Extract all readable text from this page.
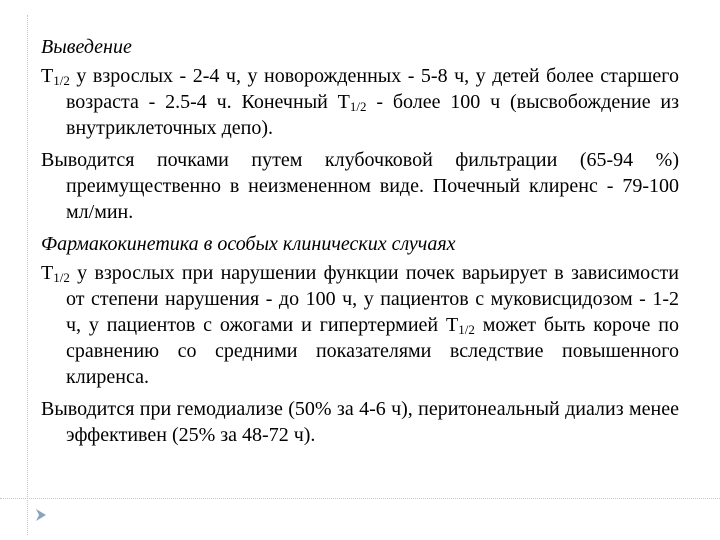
Выведение

$T_{1/2}$ у взрослых - 2-4 ч, у новорожденных - 5-8 ч, у детей более старшего возраста - 2.5-4 ч. Конечный $T_{1/2}$ - более 100 ч (высвобождение из внутриклеточных депо).

Выводится почками путем клубочковой фильтрации (65-94 %) преимущественно в неизмененном виде. Почечный клиренс - 79-100 мл/мин.

Фармакокинетика в особых клинических случаях

$T_{1/2}$ у взрослых при нарушении функции почек варьирует в зависимости от степени нарушения - до 100 ч, у пациентов с муковисцидозом - 1-2 ч, у пациентов с ожогами и гипертермией $T_{1/2}$ может быть короче по сравнению со средними показателями вследствие повышенного клиренса.

Выводится при гемодиализе (50% за 4-6 ч), перитонеальный диализ менее эффективен (25% за 48-72 ч).
